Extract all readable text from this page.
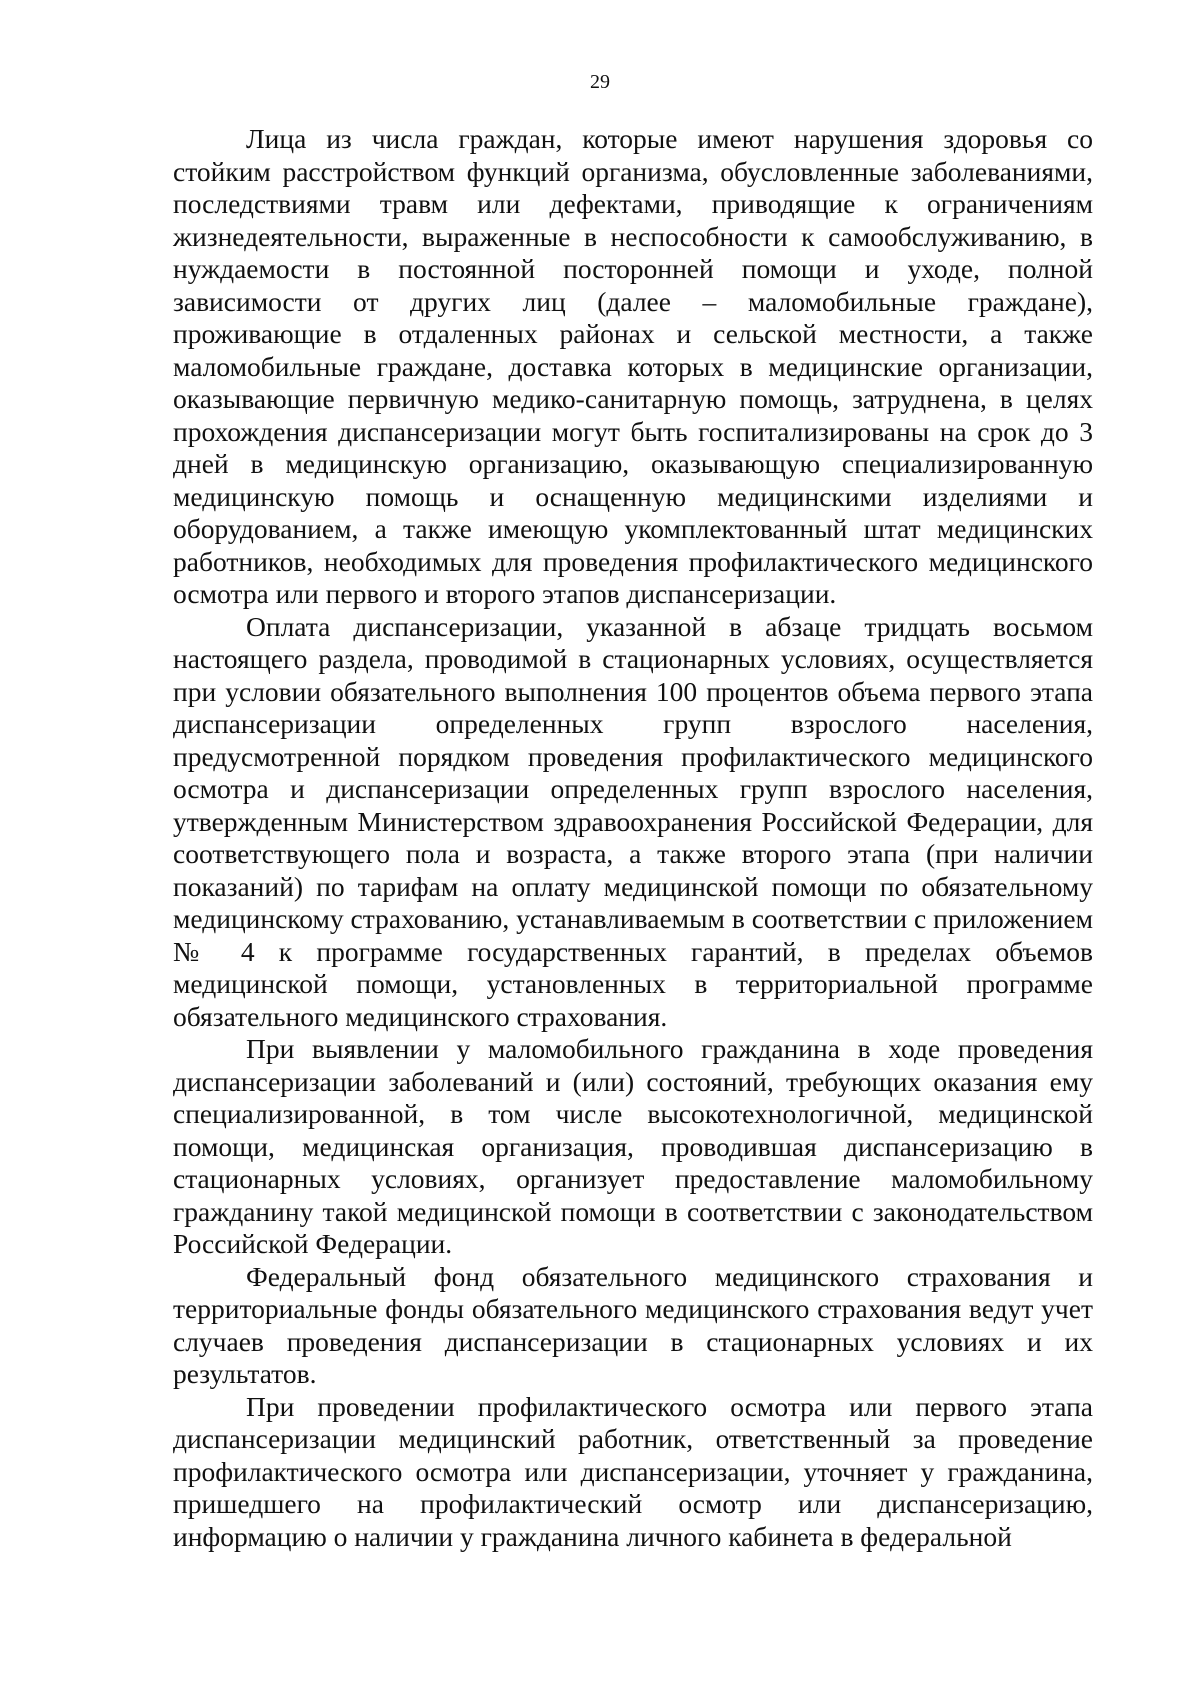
29

Лица из числа граждан, которые имеют нарушения здоровья со стойким расстройством функций организма, обусловленные заболеваниями, последствиями травм или дефектами, приводящие к ограничениям жизнедеятельности, выраженные в неспособности к самообслуживанию, в нуждаемости в постоянной посторонней помощи и уходе, полной зависимости от других лиц (далее – маломобильные граждане), проживающие в отдаленных районах и сельской местности, а также маломобильные граждане, доставка которых в медицинские организации, оказывающие первичную медико-санитарную помощь, затруднена, в целях прохождения диспансеризации могут быть госпитализированы на срок до 3 дней в медицинскую организацию, оказывающую специализированную медицинскую помощь и оснащенную медицинскими изделиями и оборудованием, а также имеющую укомплектованный штат медицинских работников, необходимых для проведения профилактического медицинского осмотра или первого и второго этапов диспансеризации.

Оплата диспансеризации, указанной в абзаце тридцать восьмом настоящего раздела, проводимой в стационарных условиях, осуществляется при условии обязательного выполнения 100 процентов объема первого этапа диспансеризации определенных групп взрослого населения, предусмотренной порядком проведения профилактического медицинского осмотра и диспансеризации определенных групп взрослого населения, утвержденным Министерством здравоохранения Российской Федерации, для соответствующего пола и возраста, а также второго этапа (при наличии показаний) по тарифам на оплату медицинской помощи по обязательному медицинскому страхованию, устанавливаемым в соответствии с приложением № 4 к программе государственных гарантий, в пределах объемов медицинской помощи, установленных в территориальной программе обязательного медицинского страхования.

При выявлении у маломобильного гражданина в ходе проведения диспансеризации заболеваний и (или) состояний, требующих оказания ему специализированной, в том числе высокотехнологичной, медицинской помощи, медицинская организация, проводившая диспансеризацию в стационарных условиях, организует предоставление маломобильному гражданину такой медицинской помощи в соответствии с законодательством Российской Федерации.

Федеральный фонд обязательного медицинского страхования и территориальные фонды обязательного медицинского страхования ведут учет случаев проведения диспансеризации в стационарных условиях и их результатов.

При проведении профилактического осмотра или первого этапа диспансеризации медицинский работник, ответственный за проведение профилактического осмотра или диспансеризации, уточняет у гражданина, пришедшего на профилактический осмотр или диспансеризацию, информацию о наличии у гражданина личного кабинета в федеральной
